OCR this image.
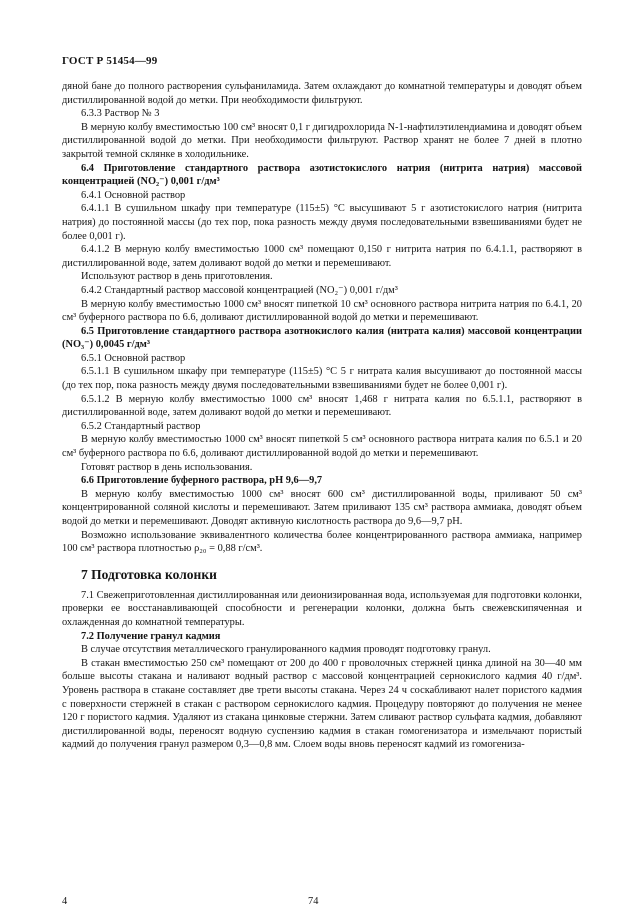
ГОСТ Р 51454—99

дяной бане до полного растворения сульфаниламида. Затем охлаждают до комнатной температуры и доводят объем дистиллированной водой до метки. При необходимости фильтруют.

6.3.3 Раствор № 3

В мерную колбу вместимостью 100 см³ вносят 0,1 г дигидрохлорида N-1-нафтилэтилендиамина и доводят объем дистиллированной водой до метки. При необходимости фильтруют. Раствор хранят не более 7 дней в плотно закрытой темной склянке в холодильнике.

6.4 Приготовление стандартного раствора азотистокислого натрия (нитрита натрия) массовой концентрацией (NO₂⁻) 0,001 г/дм³

6.4.1 Основной раствор

6.4.1.1 В сушильном шкафу при температуре (115±5) °С высушивают 5 г азотистокислого натрия (нитрита натрия) до постоянной массы (до тех пор, пока разность между двумя последовательными взвешиваниями будет не более 0,001 г).

6.4.1.2 В мерную колбу вместимостью 1000 см³ помещают 0,150 г нитрита натрия по 6.4.1.1, растворяют в дистиллированной воде, затем доливают водой до метки и перемешивают.

Используют раствор в день приготовления.

6.4.2 Стандартный раствор массовой концентрацией (NO₂⁻) 0,001 г/дм³

В мерную колбу вместимостью 1000 см³ вносят пипеткой 10 см³ основного раствора нитрита натрия по 6.4.1, 20 см³ буферного раствора по 6.6, доливают дистиллированной водой до метки и перемешивают.

6.5 Приготовление стандартного раствора азотнокислого калия (нитрата калия) массовой концентрации (NO₃⁻) 0,0045 г/дм³

6.5.1 Основной раствор

6.5.1.1 В сушильном шкафу при температуре (115±5) °С 5 г нитрата калия высушивают до постоянной массы (до тех пор, пока разность между двумя последовательными взвешиваниями будет не более 0,001 г).

6.5.1.2 В мерную колбу вместимостью 1000 см³ вносят 1,468 г нитрата калия по 6.5.1.1, растворяют в дистиллированной воде, затем доливают водой до метки и перемешивают.

6.5.2 Стандартный раствор

В мерную колбу вместимостью 1000 см³ вносят пипеткой 5 см³ основного раствора нитрата калия по 6.5.1 и 20 см³ буферного раствора по 6.6, доливают дистиллированной водой до метки и перемешивают.

Готовят раствор в день использования.

6.6 Приготовление буферного раствора, рН 9,6—9,7

В мерную колбу вместимостью 1000 см³ вносят 600 см³ дистиллированной воды, приливают 50 см³ концентрированной соляной кислоты и перемешивают. Затем приливают 135 см³ раствора аммиака, доводят объем водой до метки и перемешивают. Доводят активную кислотность раствора до 9,6—9,7 рН.

Возможно использование эквивалентного количества более концентрированного раствора аммиака, например 100 см³ раствора плотностью ρ₂₀ = 0,88 г/см³.

7 Подготовка колонки

7.1 Свежеприготовленная дистиллированная или деионизированная вода, используемая для подготовки колонки, проверки ее восстанавливающей способности и регенерации колонки, должна быть свежевскипяченная и охлажденная до комнатной температуры.

7.2 Получение гранул кадмия

В случае отсутствия металлического гранулированного кадмия проводят подготовку гранул.

В стакан вместимостью 250 см³ помещают от 200 до 400 г проволочных стержней цинка длиной на 30—40 мм больше высоты стакана и наливают водный раствор с массовой концентрацией сернокислого кадмия 40 г/дм³. Уровень раствора в стакане составляет две трети высоты стакана. Через 24 ч соскабливают налет пористого кадмия с поверхности стержней в стакан с раствором сернокислого кадмия. Процедуру повторяют до получения не менее 120 г пористого кадмия. Удаляют из стакана цинковые стержни. Затем сливают раствор сульфата кадмия, добавляют дистиллированной воды, переносят водную суспензию кадмия в стакан гомогенизатора и измельчают пористый кадмий до получения гранул размером 0,3—0,8 мм. Слоем воды вновь переносят кадмий из гомогениза-

4	74
